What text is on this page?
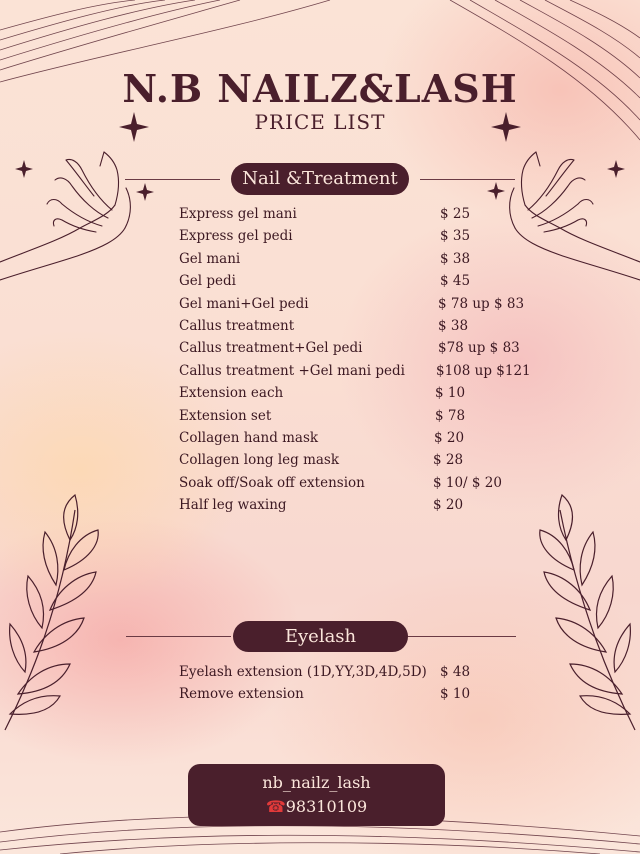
N.B NAILZ&LASH
PRICE LIST
Nail &Treatment
Express gel mani	$ 25
Express gel pedi	$ 35
Gel mani	$ 38
Gel pedi	$ 45
Gel mani+Gel pedi	$ 78 up $ 83
Callus treatment	$ 38
Callus treatment+Gel pedi	$78 up $ 83
Callus treatment +Gel mani pedi $108 up $121
Extension each	$ 10
Extension set	$ 78
Collagen hand mask	$ 20
Collagen long leg mask	$ 28
Soak off/Soak off extension	$ 10/ $ 20
Half leg waxing	$ 20
Eyelash
Eyelash extension (1D,YY,3D,4D,5D) $ 48
Remove extension	$ 10
nb_nailz_lash
☎98310109
